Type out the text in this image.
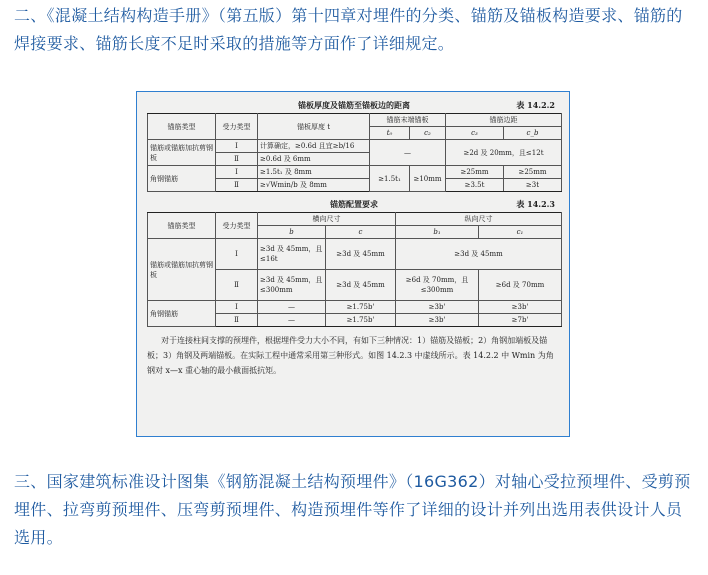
二、《混凝土结构构造手册》（第五版）第十四章对埋件的分类、锚筋及锚板构造要求、锚筋的焊接要求、锚筋长度不足时采取的措施等方面作了详细规定。
锚板厚度及锚筋至锚板边的距离	表 14.2.2
锚筋类型	受力类型	锚板厚度 t	锚筋末端锚板		锚筋边距	
			t₀	c₂	c₃	c_b
锚筋或锚筋加抗剪钢板	Ⅰ	计算确定，≥0.6d 且宜≥b/16	—		≥2d 及 20mm，且≤12t	
	Ⅱ	≥0.6d 及 6mm				
角钢锚筋	Ⅰ	≥1.5t₁ 及 8mm	≥1.5t₁	≥10mm	≥25mm	≥25mm
	Ⅱ	≥√Wmin/b 及 8mm			≥3.5t	≥3t
锚筋配置要求	表 14.2.3
锚筋类型	受力类型	横向尺寸		纵向尺寸	
		b	c	b₁	c₁
锚筋或锚筋加抗剪钢板	Ⅰ	≥3d 及 45mm，且≤16t	≥3d 及 45mm	≥3d 及 45mm	
	Ⅱ	≥3d 及 45mm，且≤300mm	≥3d 及 45mm	≥6d 及 70mm，且≤300mm	≥6d 及 70mm
角钢锚筋	Ⅰ	—	≥1.75b'	≥3b'	≥3b'
	Ⅱ	—	≥1.75b'	≥3b'	≥7b'
对于连接柱间支撑的预埋件，根据埋件受力大小不同，有如下三种情况：1）锚筋及锚板；2）角钢加端板及锚板；3）角钢及两端锚板。在实际工程中通常采用第三种形式。如图 14.2.3 中虚线所示。表 14.2.2 中 Wmin 为角钢对 x—x 重心轴的最小截面抵抗矩。
三、国家建筑标准设计图集《钢筋混凝土结构预埋件》（16G362）对轴心受拉预埋件、受剪预埋件、拉弯剪预埋件、压弯剪预埋件、构造预埋件等作了详细的设计并列出选用表供设计人员选用。
